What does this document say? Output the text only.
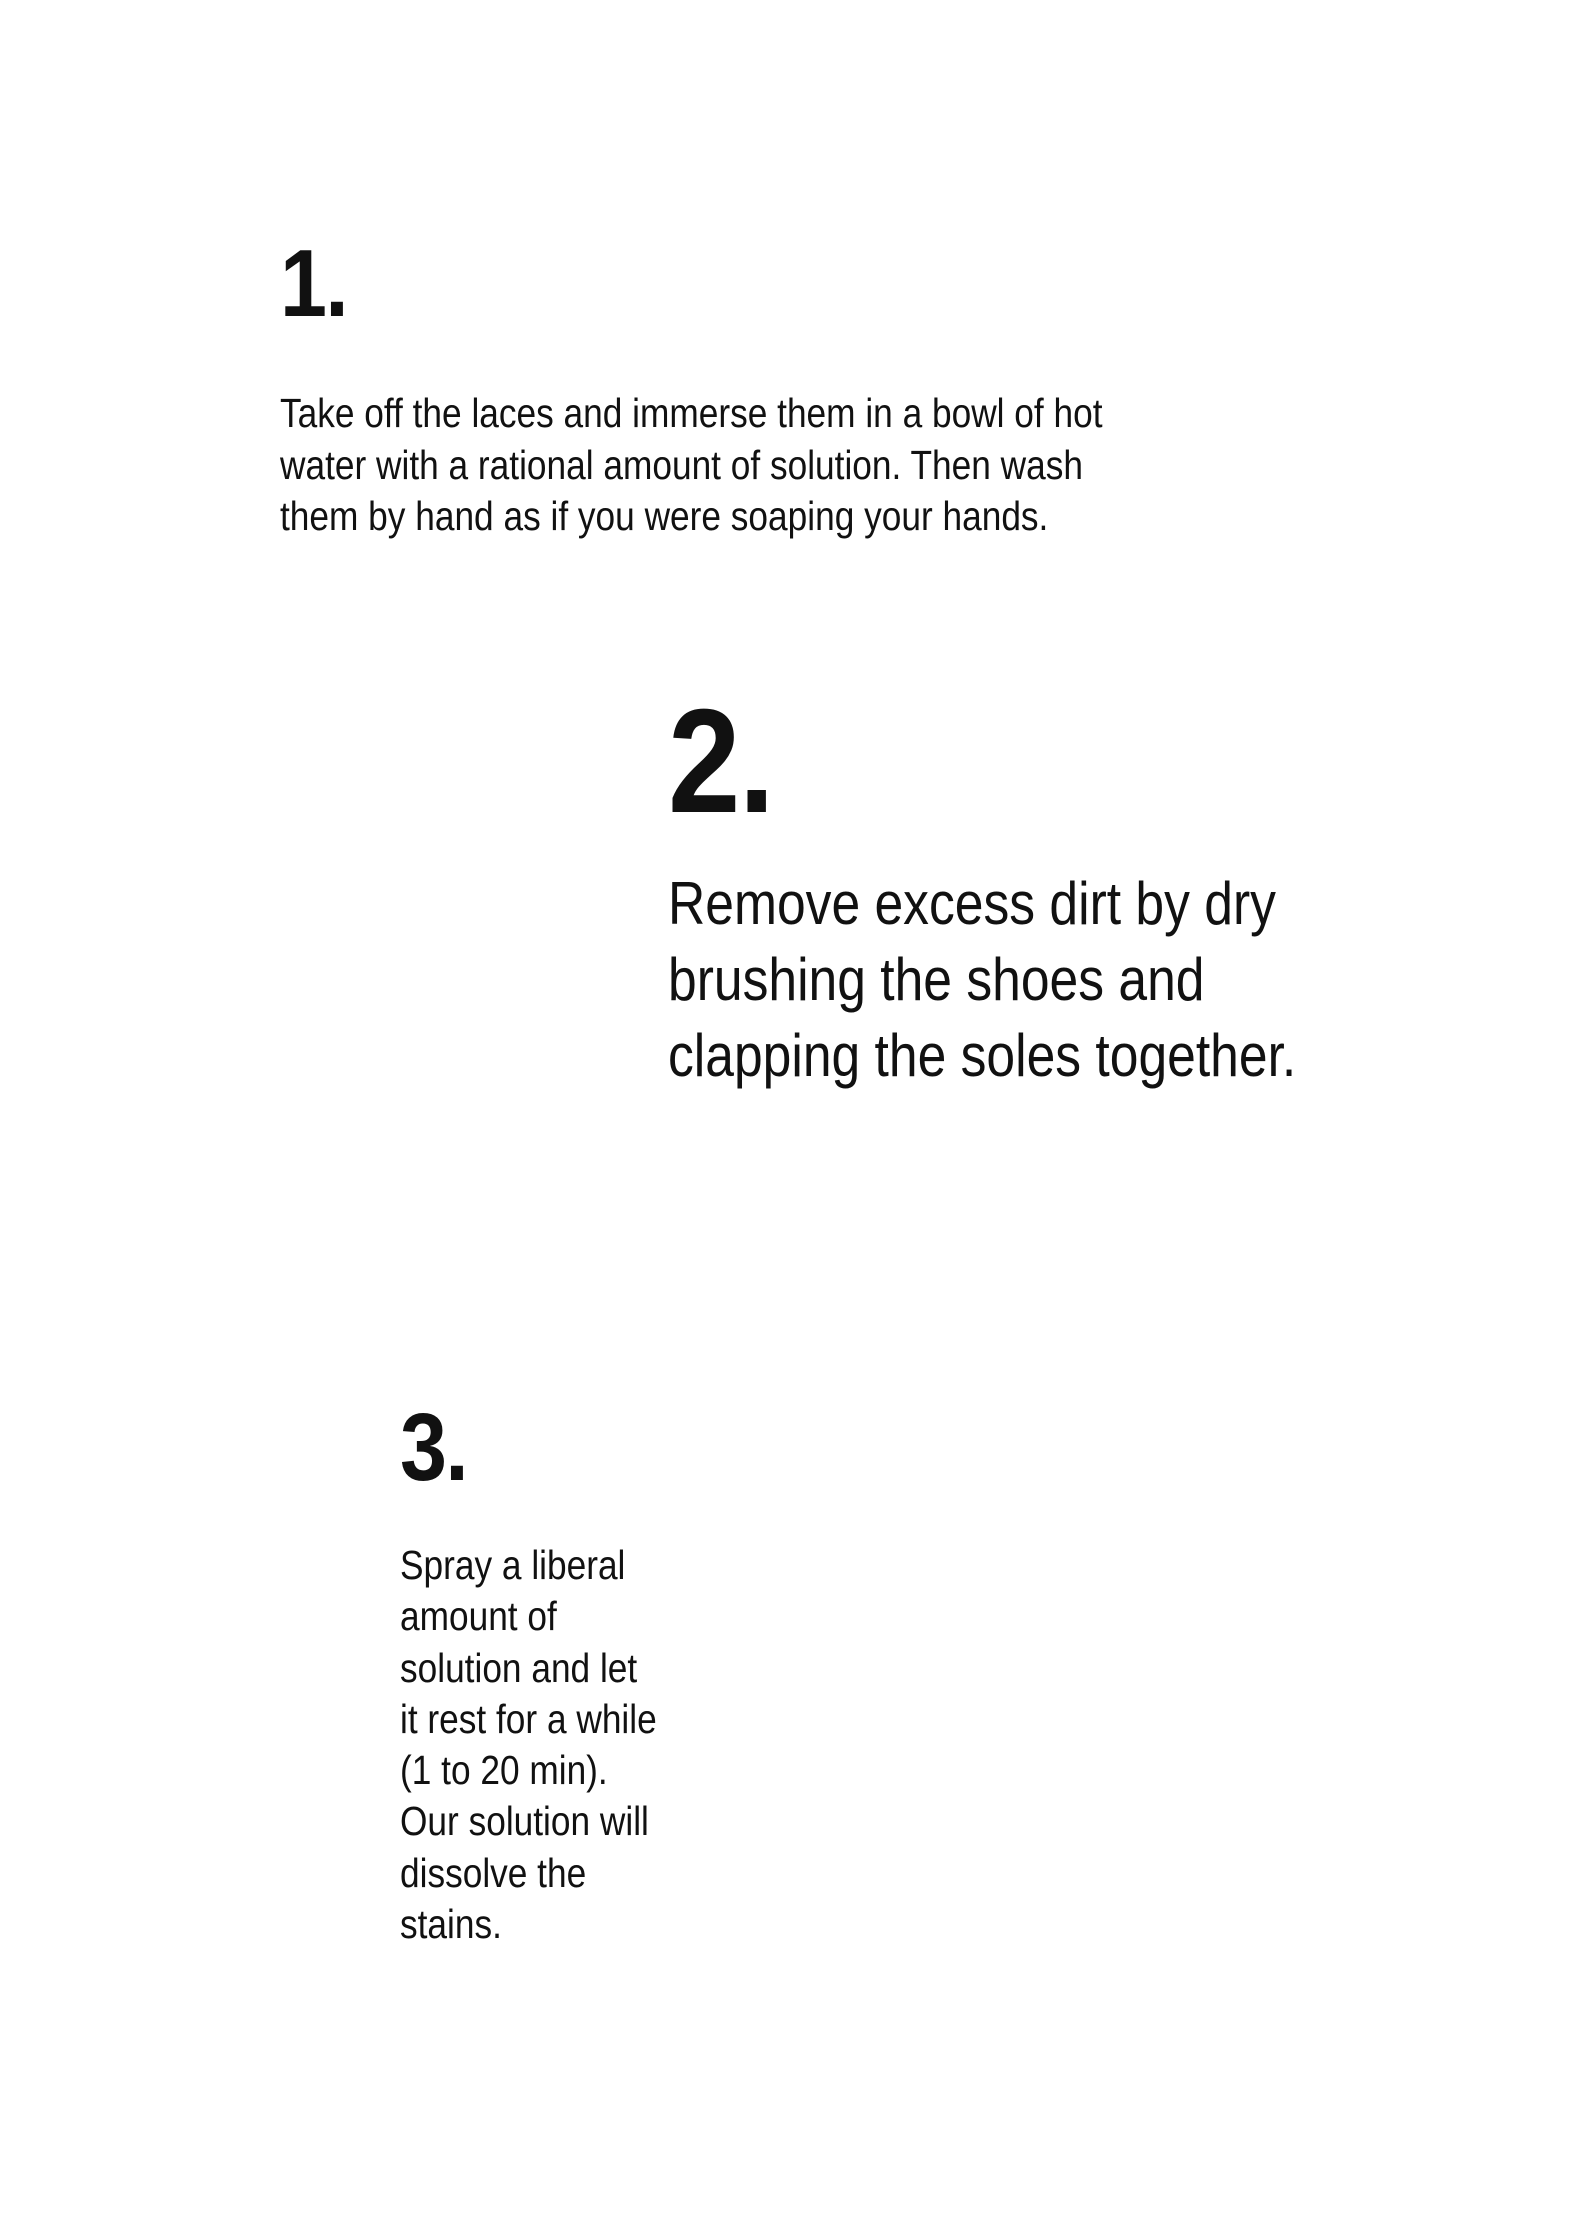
1.

Take off the laces and immerse them in a bowl of hot
water with a rational amount of solution. Then wash
them by hand as if you were soaping your hands.

2.

Remove excess dirt by dry
brushing the shoes and
clapping the soles together.

3.

Spray a liberal
amount of
solution and let
it rest for a while
(1 to 20 min).
Our solution will
dissolve the
stains.
